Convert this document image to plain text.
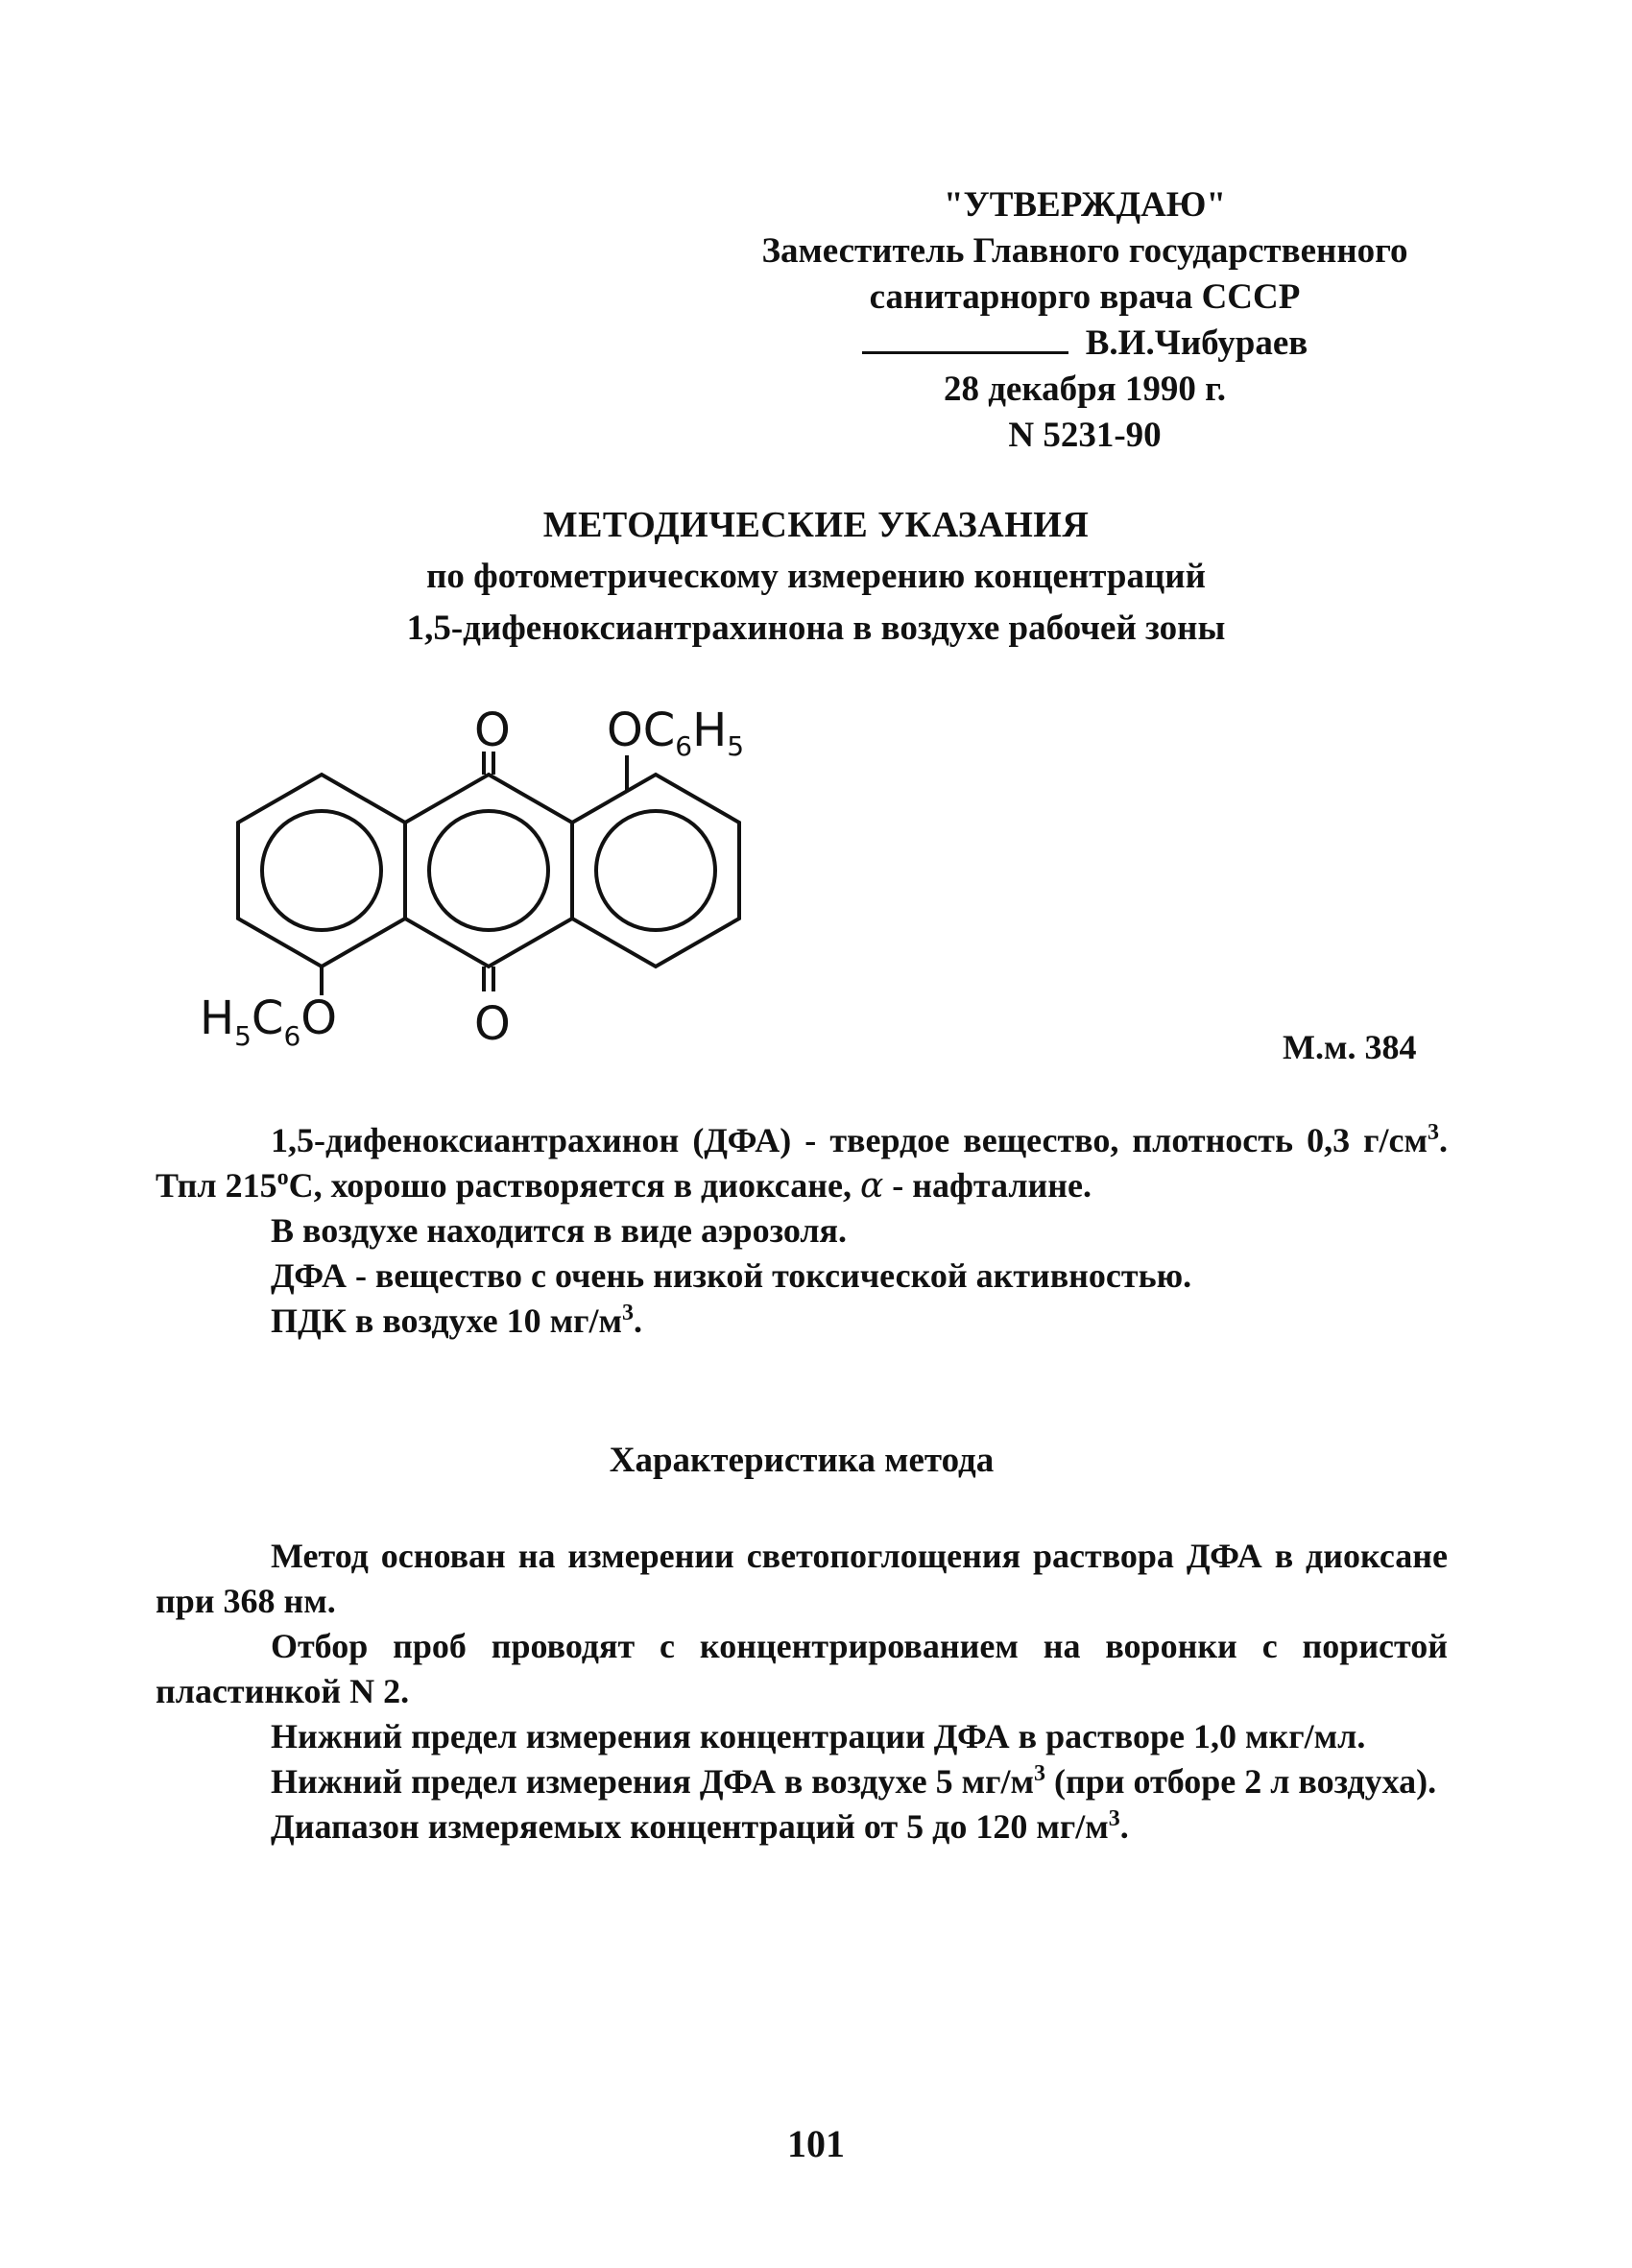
"УТВЕРЖДАЮ"
Заместитель Главного государственного
санитарнорго врача СССР
В.И.Чибураев
28 декабря 1990 г.
N 5231-90
МЕТОДИЧЕСКИЕ УКАЗАНИЯ
по фотометрическому измерению концентраций
1,5-дифеноксиантрахинона в воздухе рабочей зоны
O
O
$OC_6H_5$
$H_5C_6O$
М.м. 384

1,5-дифеноксиантрахинон (ДФА) - твердое вещество, плотность 0,3 $г/см^3$. Тпл $215^оС$, хорошо растворяется в диоксане, α - нафталине.

В воздухе находится в виде аэрозоля.

ДФА - вещество с очень низкой токсической активностью.

ПДК в воздухе 10 $мг/м^3$.

Характеристика метода

Метод основан на измерении светопоглощения раствора ДФА в диоксане при 368 нм.

Отбор проб проводят с концентрированием на воронки с пористой пластинкой N 2.

Нижний предел измерения концентрации ДФА в растворе 1,0 мкг/мл.

Нижний предел измерения ДФА в воздухе 5 $мг/м^3$ (при отборе 2 л воздуха).

Диапазон измеряемых концентраций от 5 до 120 $мг/м^3$.

101
